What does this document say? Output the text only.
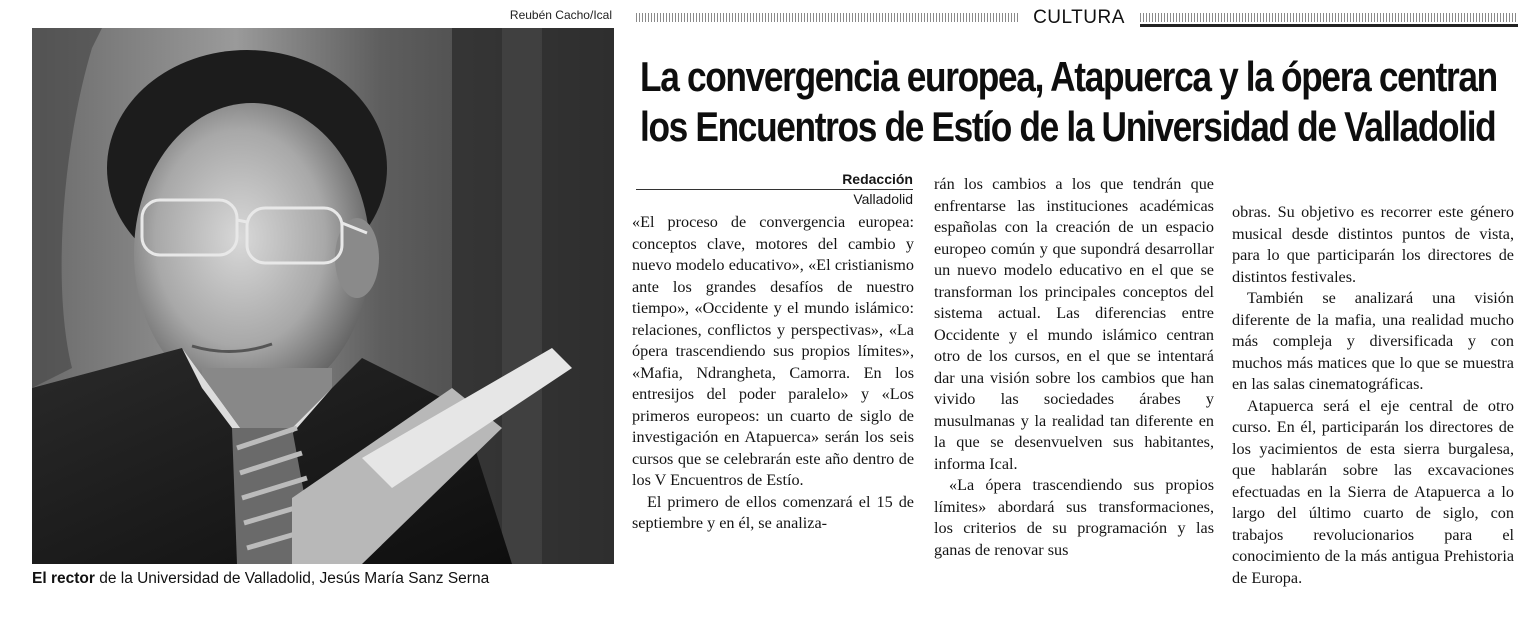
Reubén Cacho/Ical
El rector de la Universidad de Valladolid, Jesús María Sanz Serna
CULTURA
La convergencia europea, Atapuerca y la ópera centran
los Encuentros de Estío de la Universidad de Valladolid
Redacción
Valladolid

«El proceso de convergencia europea: conceptos clave, motores del cambio y nuevo modelo educativo», «El cristianismo ante los grandes desafíos de nuestro tiempo», «Occidente y el mundo islámico: relaciones, conflictos y perspectivas», «La ópera trascendiendo sus propios límites», «Mafia, Ndrangheta, Camorra. En los entresijos del poder paralelo» y «Los primeros europeos: un cuarto de siglo de investigación en Atapuerca» serán los seis cursos que se celebrarán este año dentro de los V Encuentros de Estío.

El primero de ellos comenzará el 15 de septiembre y en él, se analiza-

rán los cambios a los que tendrán que enfrentarse las instituciones académicas españolas con la creación de un espacio europeo común y que supondrá desarrollar un nuevo modelo educativo en el que se transforman los principales conceptos del sistema actual. Las diferencias entre Occidente y el mundo islámico centran otro de los cursos, en el que se intentará dar una visión sobre los cambios que han vivido las sociedades árabes y musulmanas y la realidad tan diferente en la que se desenvuelven sus habitantes, informa Ical.

«La ópera trascendiendo sus propios límites» abordará sus transformaciones, los criterios de su programación y las ganas de renovar sus

obras. Su objetivo es recorrer este género musical desde distintos puntos de vista, para lo que participarán los directores de distintos festivales.

También se analizará una visión diferente de la mafia, una realidad mucho más compleja y diversificada y con muchos más matices que lo que se muestra en las salas cinematográficas.

Atapuerca será el eje central de otro curso. En él, participarán los directores de los yacimientos de esta sierra burgalesa, que hablarán sobre las excavaciones efectuadas en la Sierra de Atapuerca a lo largo del último cuarto de siglo, con trabajos revolucionarios para el conocimiento de la más antigua Prehistoria de Europa.
